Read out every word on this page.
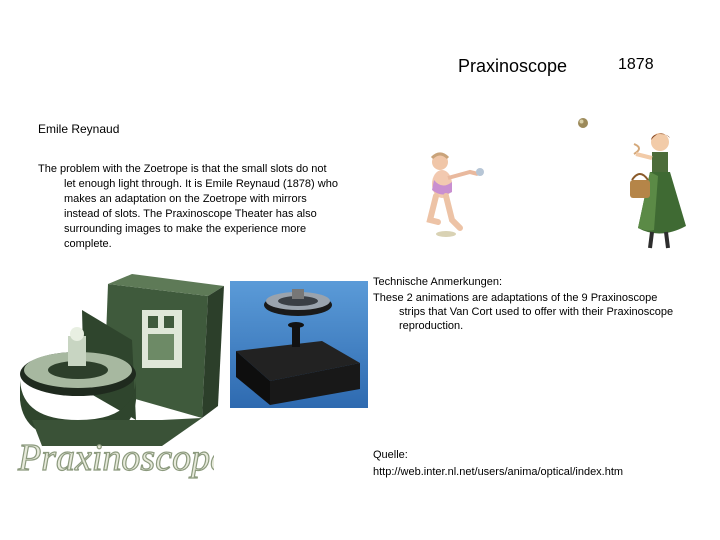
Praxinoscope	1878
Emile Reynaud

The problem with the Zoetrope is that the small slots do not let enough light through. It is Emile Reynaud (1878) who makes an adaptation on the Zoetrope with mirrors instead of slots. The Praxinoscope Theater has also surrounding images to make the experience more complete.

Technische Anmerkungen:

These 2 animations are adaptations of the 9 Praxinoscope strips that Van Cort used to offer with their Praxinoscope reproduction.

Praxinoscope	Quelle:

http://web.inter.nl.net/users/anima/optical/index.htm
